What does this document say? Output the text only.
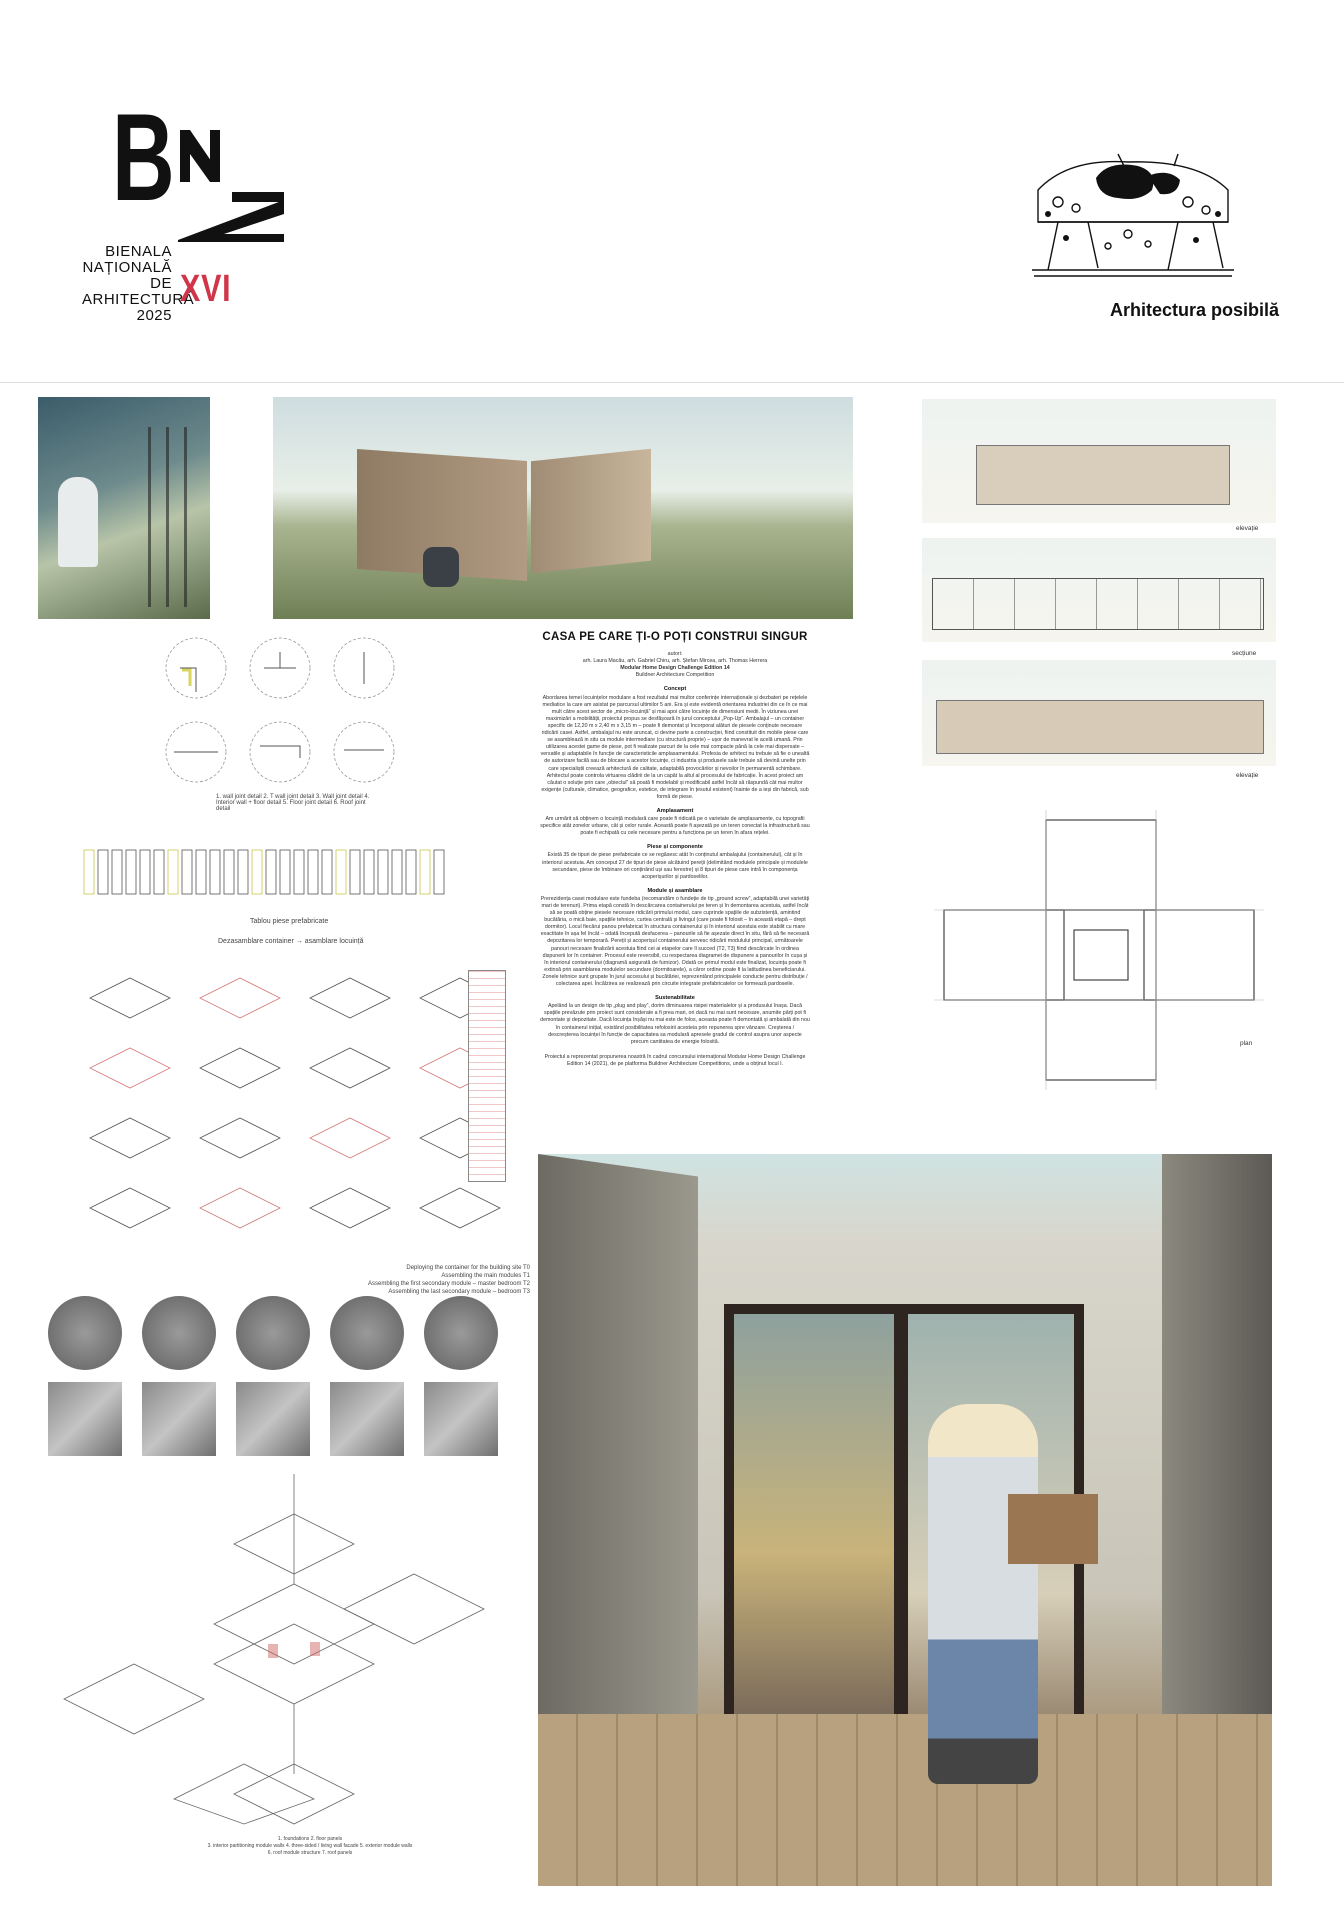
B
BIENALA
NAȚIONALĂ
DE
ARHITECTURĂ
2025
XVI	Arhitectura posibilă
elevație
secțiune
elevație
plan
1. wall joint detail 2. T wall joint detail 3. Wall joint detail 4. Interior wall + floor detail 5. Floor joint detail 6. Roof joint detail
Tablou piese prefabricate
Dezasamblare container → asamblare locuință
Deploying the container for the building site T0
Assembling the main modules T1
Assembling the first secondary module – master bedroom T2
Assembling the last secondary module – bedroom T3
1. foundations 2. floor panels
3. interior partitioning module walls 4. three-sided / living wall facade 5. exterior module walls
6. roof module structure 7. roof panels
CASA PE CARE ȚI-O POȚI CONSTRUI SINGUR

autori:

arh. Laura Macău, arh. Gabriel Chiru, arh. Ștefan Mircea, arh. Thomas Herrera

Modular Home Design Challenge Edition 14

Buildner Architecture Competition

Concept

Abordarea temei locuințelor modulare a fost rezultatul mai multor conferințe internaționale și dezbateri pe rețelele mediatice la care am asistat pe parcursul ultimilor 5 ani. Era și este evidentă orientarea industriei din ce în ce mai mult către acest sector de „micro-locuință” și mai apoi către locuințe de dimensiuni medii. În viziunea unei maximizări a mobilității, proiectul propus se desfășoară în jurul conceptului „Pop-Up”. Ambalajul – un container specific de 12,20 m x 2,40 m x 3,15 m – poate fi demontat și încorporat alături de piesele conținute necesare ridicării casei. Astfel, ambalajul nu este aruncat, ci devine parte a construcției, fiind constituit din mobile piese care se asamblează in situ ca module intermediare (cu structură proprie) – ușor de manevrat le acelă umană. Prin utilizarea acestei game de piese, pot fi realizate parcuri de la cele mai compacte până la cele mai dispersate – versatile și adaptabile în funcție de caracteristicile amplasamentului. Profesia de arhitect nu trebuie să fie o unealtă de autorizare facilă sau de blocare a acestor locuințe, ci industria și produsele sale trebuie să devină unelte prin care specialiștii creează arhitectură de calitate, adaptabilă provocărilor și nevoilor în permanentă schimbare. Arhitectul poate controla virtuarea clădirii de la un capăt la altul al procesului de fabricație. În acest proiect am căutat o soluție prin care „obiectul” să poată fi modelabil și modificabil astfel încât să răspundă cât mai multor exigențe (culturale, climatice, geografice, estetice, de integrare în țesutul existent) înainte de a ieși din fabrică, sub formă de piese.

Amplasament

Am urmărit să obținem o locuință modulară care poate fi ridicată pe o varietate de amplasamente, cu topografii specifice atât zonelor urbane, cât și celor rurale. Această poate fi așezată pe un teren conectat la infrastructură sau poate fi echipată cu cele necesare pentru a funcționa pe un teren în afara rețelei.

Piese și componente

Există 35 de tipuri de piese prefabricate ce se regăsesc atât în conținutul ambalajului (containerului), cât și în interiorul acestuia. Am conceput 27 de tipuri de piese alcătuind pereții (delimitând modulele principale și modulele secundare, piese de îmbinare ori conținând uși sau ferestre) și 8 tipuri de piese care intră în componența acoperișurilor și pardoselilor.

Module și asamblare

Prerezidența casei modulare este fundeba (recomandăm o fundeție de tip „ground screw”, adaptabilă unei varietăți mari de terenuri). Prima etapă constă în descărcarea containerului pe teren și în demontarea acestuia, astfel încât să se poată obține piesele necesare ridicării primului modul, care cuprinde spațiile de subzistență, amintind bucătăria, o mică baie, spațiile tehnice, curtea centrală și livingul (care poate fi folosit – în această etapă – drept dormitor). Locul fiecărui panou prefabricat în structura containerului și în interiorul acestuia este stabilit cu mare exactitate în așa fel încât – odată începută desfacerea – panourile să fie așezate direct în situ, fără să fie necesară depozitarea lor temporară. Pereții și acoperișul containerului servesc ridicării modulului principal, următoarele panouri necesare finalizării acestuia fiind cei ai etapelor care îl succed (T2, T3) fiind descărcate în ordinea dispunerii lor în container. Procesul este reversibil, cu respectarea diagramei de dispunere a panourilor în cușa și în interiorul containerului (diagramă asigurată de furnizor). Odată ce primul modul este finalizat, locuința poate fi extinsă prin asamblarea modulelor secundare (dormitoarele), a căror ordine poate fi la latitudinea beneficiarului. Zonele tehnice sunt grupate în jurul accesului și bucătăriei, reprezentând principalele conducte pentru distribuție / colectarea apei. Încălzirea se realizează prin circuite integrate prefabricatelor ce formează pardoseile.

Sustenabilitate

Apelând la un design de tip „plug and play”, dorim diminuarea risipei materialelor și a produsului înașa. Dacă spațiile prevăzute prin proiect sunt considerate a fi prea mari, ori dacă nu mai sunt necesare, anumite părți pot fi demontate și depozitate. Dacă locuința înșăși nu mai este de folos, aceasta poate fi demontată și ambalată din nou în containerul inițial, existând posibilitatea refolosirii acesteia prin repunerea spre vânzare. Creșterea / descreșterea locuinței în funcție de capacitatea sa modulară apresele gradul de control asupra unor aspecte precum cantitatea de energie folosită.

Proiectul a reprezentat propunerea noastră în cadrul concursului internațional Modular Home Design Challenge Edition 14 (2021), de pe platforma Buildner Architecture Competitions, unde a obținut locul I.
